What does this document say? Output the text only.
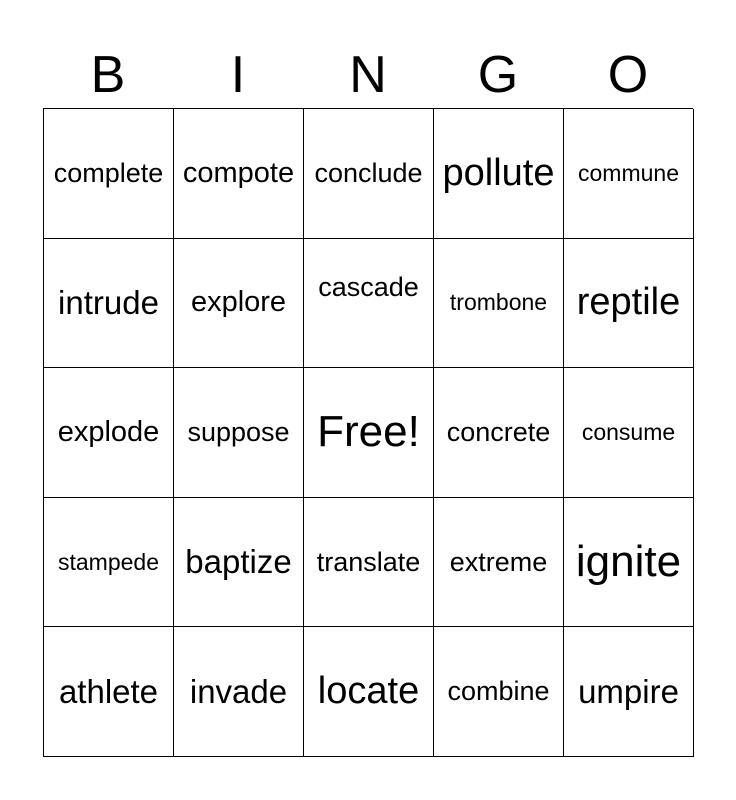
B	I	N	G	O
complete compote conclude pollute commune
intrude explore cascade trombone reptile
explode suppose Free! concrete consume
stampede baptize translate extreme ignite
athlete invade locate combine umpire
